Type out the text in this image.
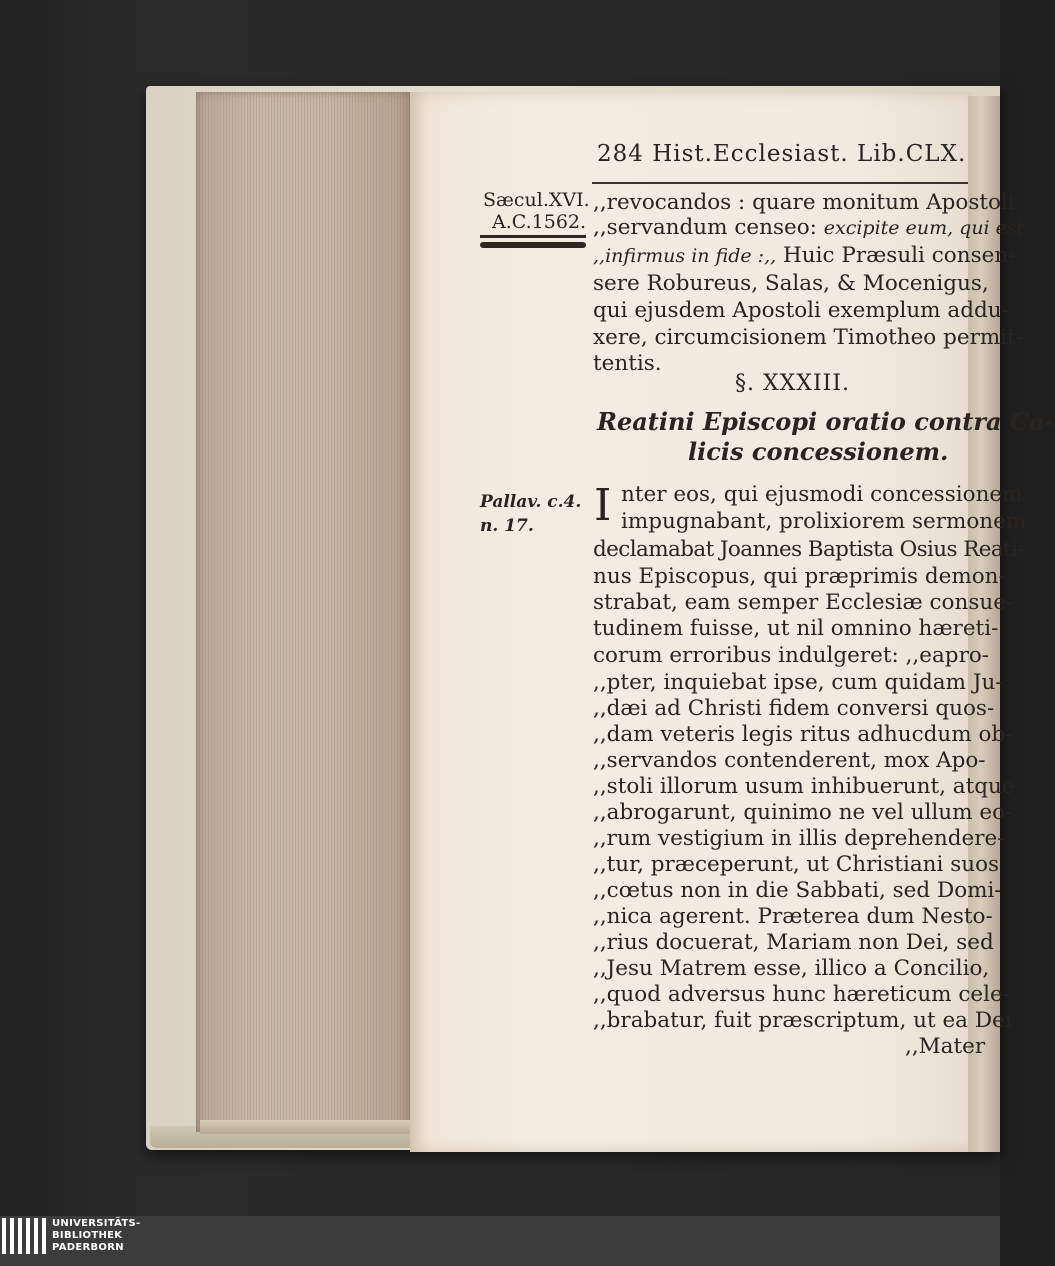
284 Hist.Ecclesiast. Lib.CLX.
Sæcul.XVI.
A.C.1562.
,,revocandos : quare monitum Apostoli
,,servandum censeo: excipite eum, qui est
,,infirmus in fide :,, Huic Præsuli consen-
sere Robureus, Salas, & Mocenigus,
qui ejusdem Apostoli exemplum addu-
xere, circumcisionem Timotheo permit-
tentis.
§. XXXIII.
Reatini Episcopi oratio contra Ca-
licis concessionem.
Pallav. c.4.
n. 17. I nter eos, qui ejusmodi concessionem
impugnabant, prolixiorem sermonem
declamabat Joannes Baptista Osius Reati-
nus Episcopus, qui præprimis demon-
strabat, eam semper Ecclesiæ consue-
tudinem fuisse, ut nil omnino hæreti-
corum erroribus indulgeret: ,,eapro-
,,pter, inquiebat ipse, cum quidam Ju-
,,dæi ad Christi fidem conversi quos-
,,dam veteris legis ritus adhucdum ob-
,,servandos contenderent, mox Apo-
,,stoli illorum usum inhibuerunt, atque
,,abrogarunt, quinimo ne vel ullum eo-
,,rum vestigium in illis deprehendere-
,,tur, præceperunt, ut Christiani suos
,,cœtus non in die Sabbati, sed Domi-
,,nica agerent. Præterea dum Nesto-
,,rius docuerat, Mariam non Dei, sed
,,Jesu Matrem esse, illico a Concilio,
,,quod adversus hunc hæreticum cele-
,,brabatur, fuit præscriptum, ut ea Dei
,,Mater
UNIVERSITÄTS-
BIBLIOTHEK
PADERBORN
